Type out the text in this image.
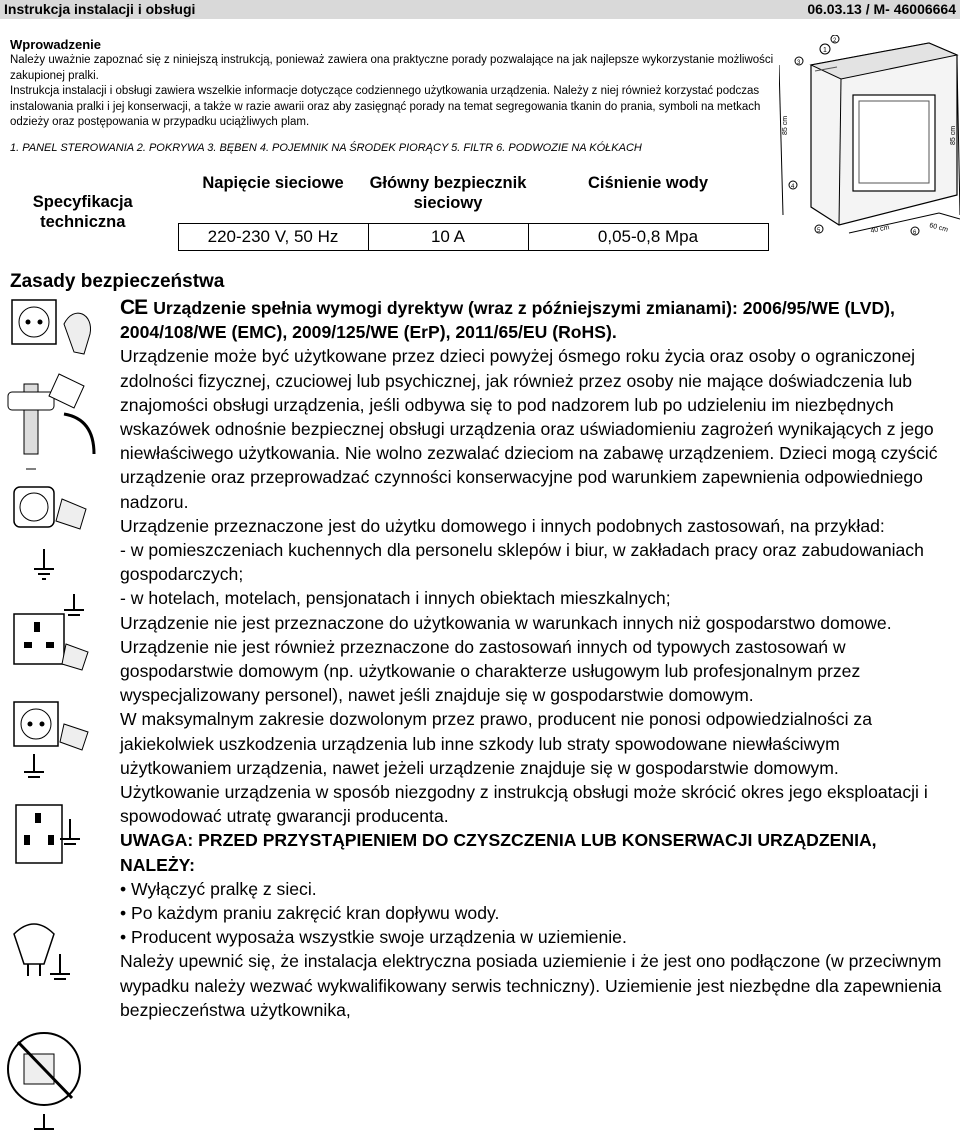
Instrukcja instalacji i obsługi	06.03.13 / M- 46006664
Wprowadzenie
Należy uważnie zapoznać się z niniejszą instrukcją, ponieważ zawiera ona praktyczne porady pozwalające na jak najlepsze wykorzystanie możliwości zakupionej pralki.
Instrukcja instalacji i obsługi zawiera wszelkie informacje dotyczące codziennego użytkowania urządzenia. Należy z niej również korzystać podczas instalowania pralki i jej konserwacji, a także w razie awarii oraz aby zasięgnąć porady na temat segregowania tkanin do prania, symboli na metkach odzieży oraz postępowania w przypadku uciążliwych plam.
1. PANEL STEROWANIA 2. POKRYWA 3. BĘBEN 4. POJEMNIK NA ŚRODEK PIORĄCY 5. FILTR 6. PODWOZIE NA KÓŁKACH
Specyfikacja techniczna	Napięcie sieciowe	Główny bezpiecznik sieciowy	Ciśnienie wody
	220-230 V, 50 Hz	10 A	0,05-0,8 Mpa
1
2
3
4
5	6
85 cm
40 cm	60 cm
85 cm
Zasady bezpieczeństwa

CE Urządzenie spełnia wymogi dyrektyw (wraz z późniejszymi zmianami): 2006/95/WE (LVD), 2004/108/WE (EMC), 2009/125/WE (ErP), 2011/65/EU (RoHS).

Urządzenie może być użytkowane przez dzieci powyżej ósmego roku życia oraz osoby o ograniczonej zdolności fizycznej, czuciowej lub psychicznej, jak również przez osoby nie mające doświadczenia lub znajomości obsługi urządzenia, jeśli odbywa się to pod nadzorem lub po udzieleniu im niezbędnych wskazówek odnośnie bezpiecznej obsługi urządzenia oraz uświadomieniu zagrożeń wynikających z jego niewłaściwego użytkowania. Nie wolno zezwalać dzieciom na zabawę urządzeniem. Dzieci mogą czyścić urządzenie oraz przeprowadzać czynności konserwacyjne pod warunkiem zapewnienia odpowiedniego nadzoru.

Urządzenie przeznaczone jest do użytku domowego i innych podobnych zastosowań, na przykład:

- w pomieszczeniach kuchennych dla personelu sklepów i biur, w zakładach pracy oraz zabudowaniach gospodarczych;

- w hotelach, motelach, pensjonatach i innych obiektach mieszkalnych;

Urządzenie nie jest przeznaczone do użytkowania w warunkach innych niż gospodarstwo domowe. Urządzenie nie jest również przeznaczone do zastosowań innych od typowych zastosowań w gospodarstwie domowym (np. użytkowanie o charakterze usługowym lub profesjonalnym przez wyspecjalizowany personel), nawet jeśli znajduje się w gospodarstwie domowym.

W maksymalnym zakresie dozwolonym przez prawo, producent nie ponosi odpowiedzialności za jakiekolwiek uszkodzenia urządzenia lub inne szkody lub straty spowodowane niewłaściwym użytkowaniem urządzenia, nawet jeżeli urządzenie znajduje się w gospodarstwie domowym.

Użytkowanie urządzenia w sposób niezgodny z instrukcją obsługi może skrócić okres jego eksploatacji i spowodować utratę gwarancji producenta.

UWAGA: PRZED PRZYSTĄPIENIEM DO CZYSZCZENIA LUB KONSERWACJI URZĄDZENIA, NALEŻY:

• Wyłączyć pralkę z sieci.

• Po każdym praniu zakręcić kran dopływu wody.

• Producent wyposaża wszystkie swoje urządzenia w uziemienie.

Należy upewnić się, że instalacja elektryczna posiada uziemienie i że jest ono podłączone (w przeciwnym wypadku należy wezwać wykwalifikowany serwis techniczny). Uziemienie jest niezbędne dla zapewnienia bezpieczeństwa użytkownika,
